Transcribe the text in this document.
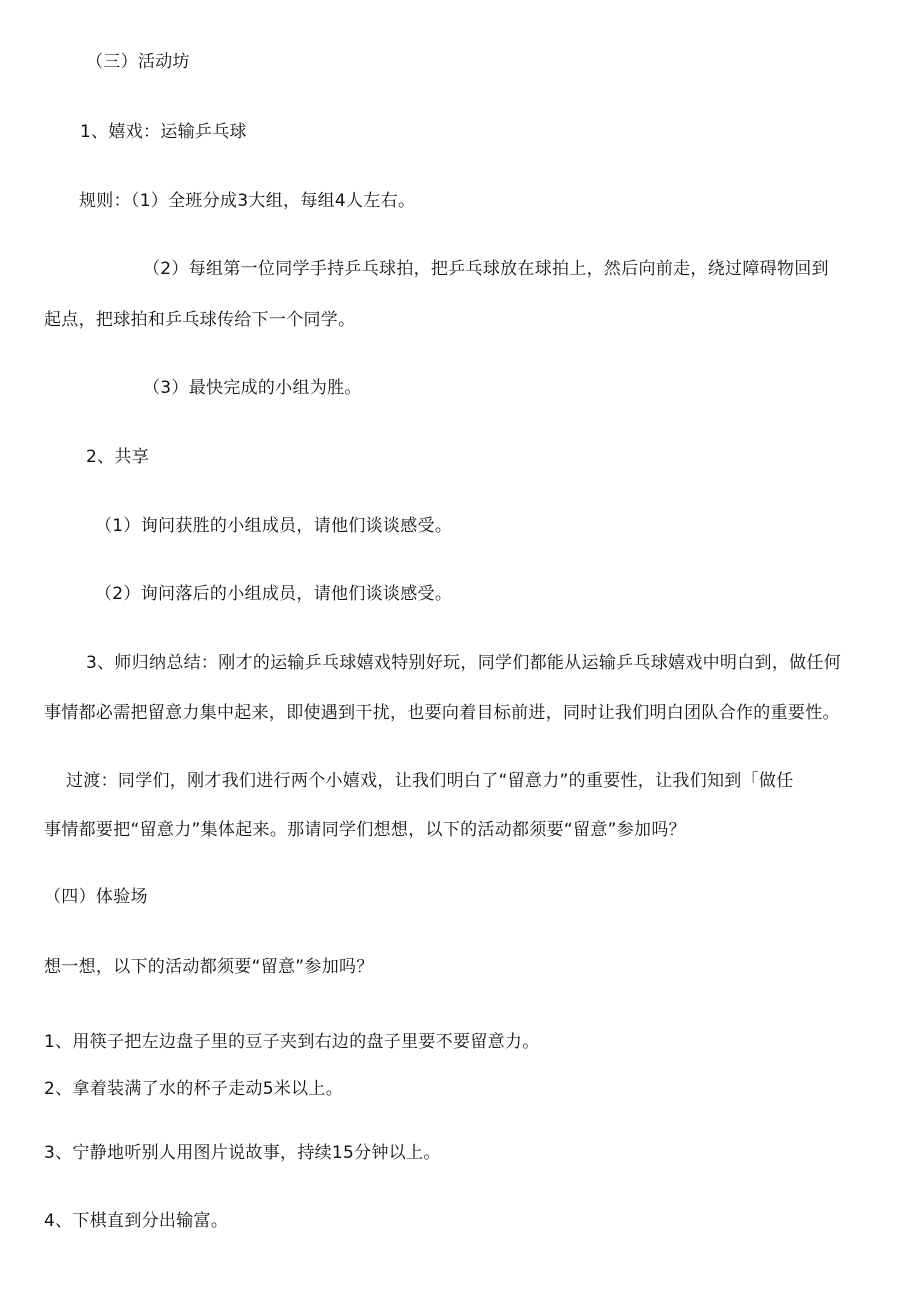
（三）活动坊
1、嬉戏：运输乒乓球
规则：（1）全班分成3大组，每组4人左右。
（2）每组第一位同学手持乒乓球拍，把乒乓球放在球拍上，然后向前走，绕过障碍物回到
起点，把球拍和乒乓球传给下一个同学。
（3）最快完成的小组为胜。
2、共享
（1）询问获胜的小组成员，请他们谈谈感受。
（2）询问落后的小组成员，请他们谈谈感受。
3、师归纳总结：刚才的运输乒乓球嬉戏特别好玩，同学们都能从运输乒乓球嬉戏中明白到，做任何
事情都必需把留意力集中起来，即使遇到干扰，也要向着目标前进，同时让我们明白团队合作的重要性。
过渡：同学们，刚才我们进行两个小嬉戏，让我们明白了“留意力”的重要性，让我们知到「做任
事情都要把“留意力”集体起来。那请同学们想想，以下的活动都须要“留意”参加吗？
（四）体验场
想一想，以下的活动都须要“留意”参加吗？
1、用筷子把左边盘子里的豆子夹到右边的盘子里要不要留意力。
2、拿着装满了水的杯子走动5米以上。
3、宁静地听别人用图片说故事，持续15分钟以上。
4、下棋直到分出输富。
